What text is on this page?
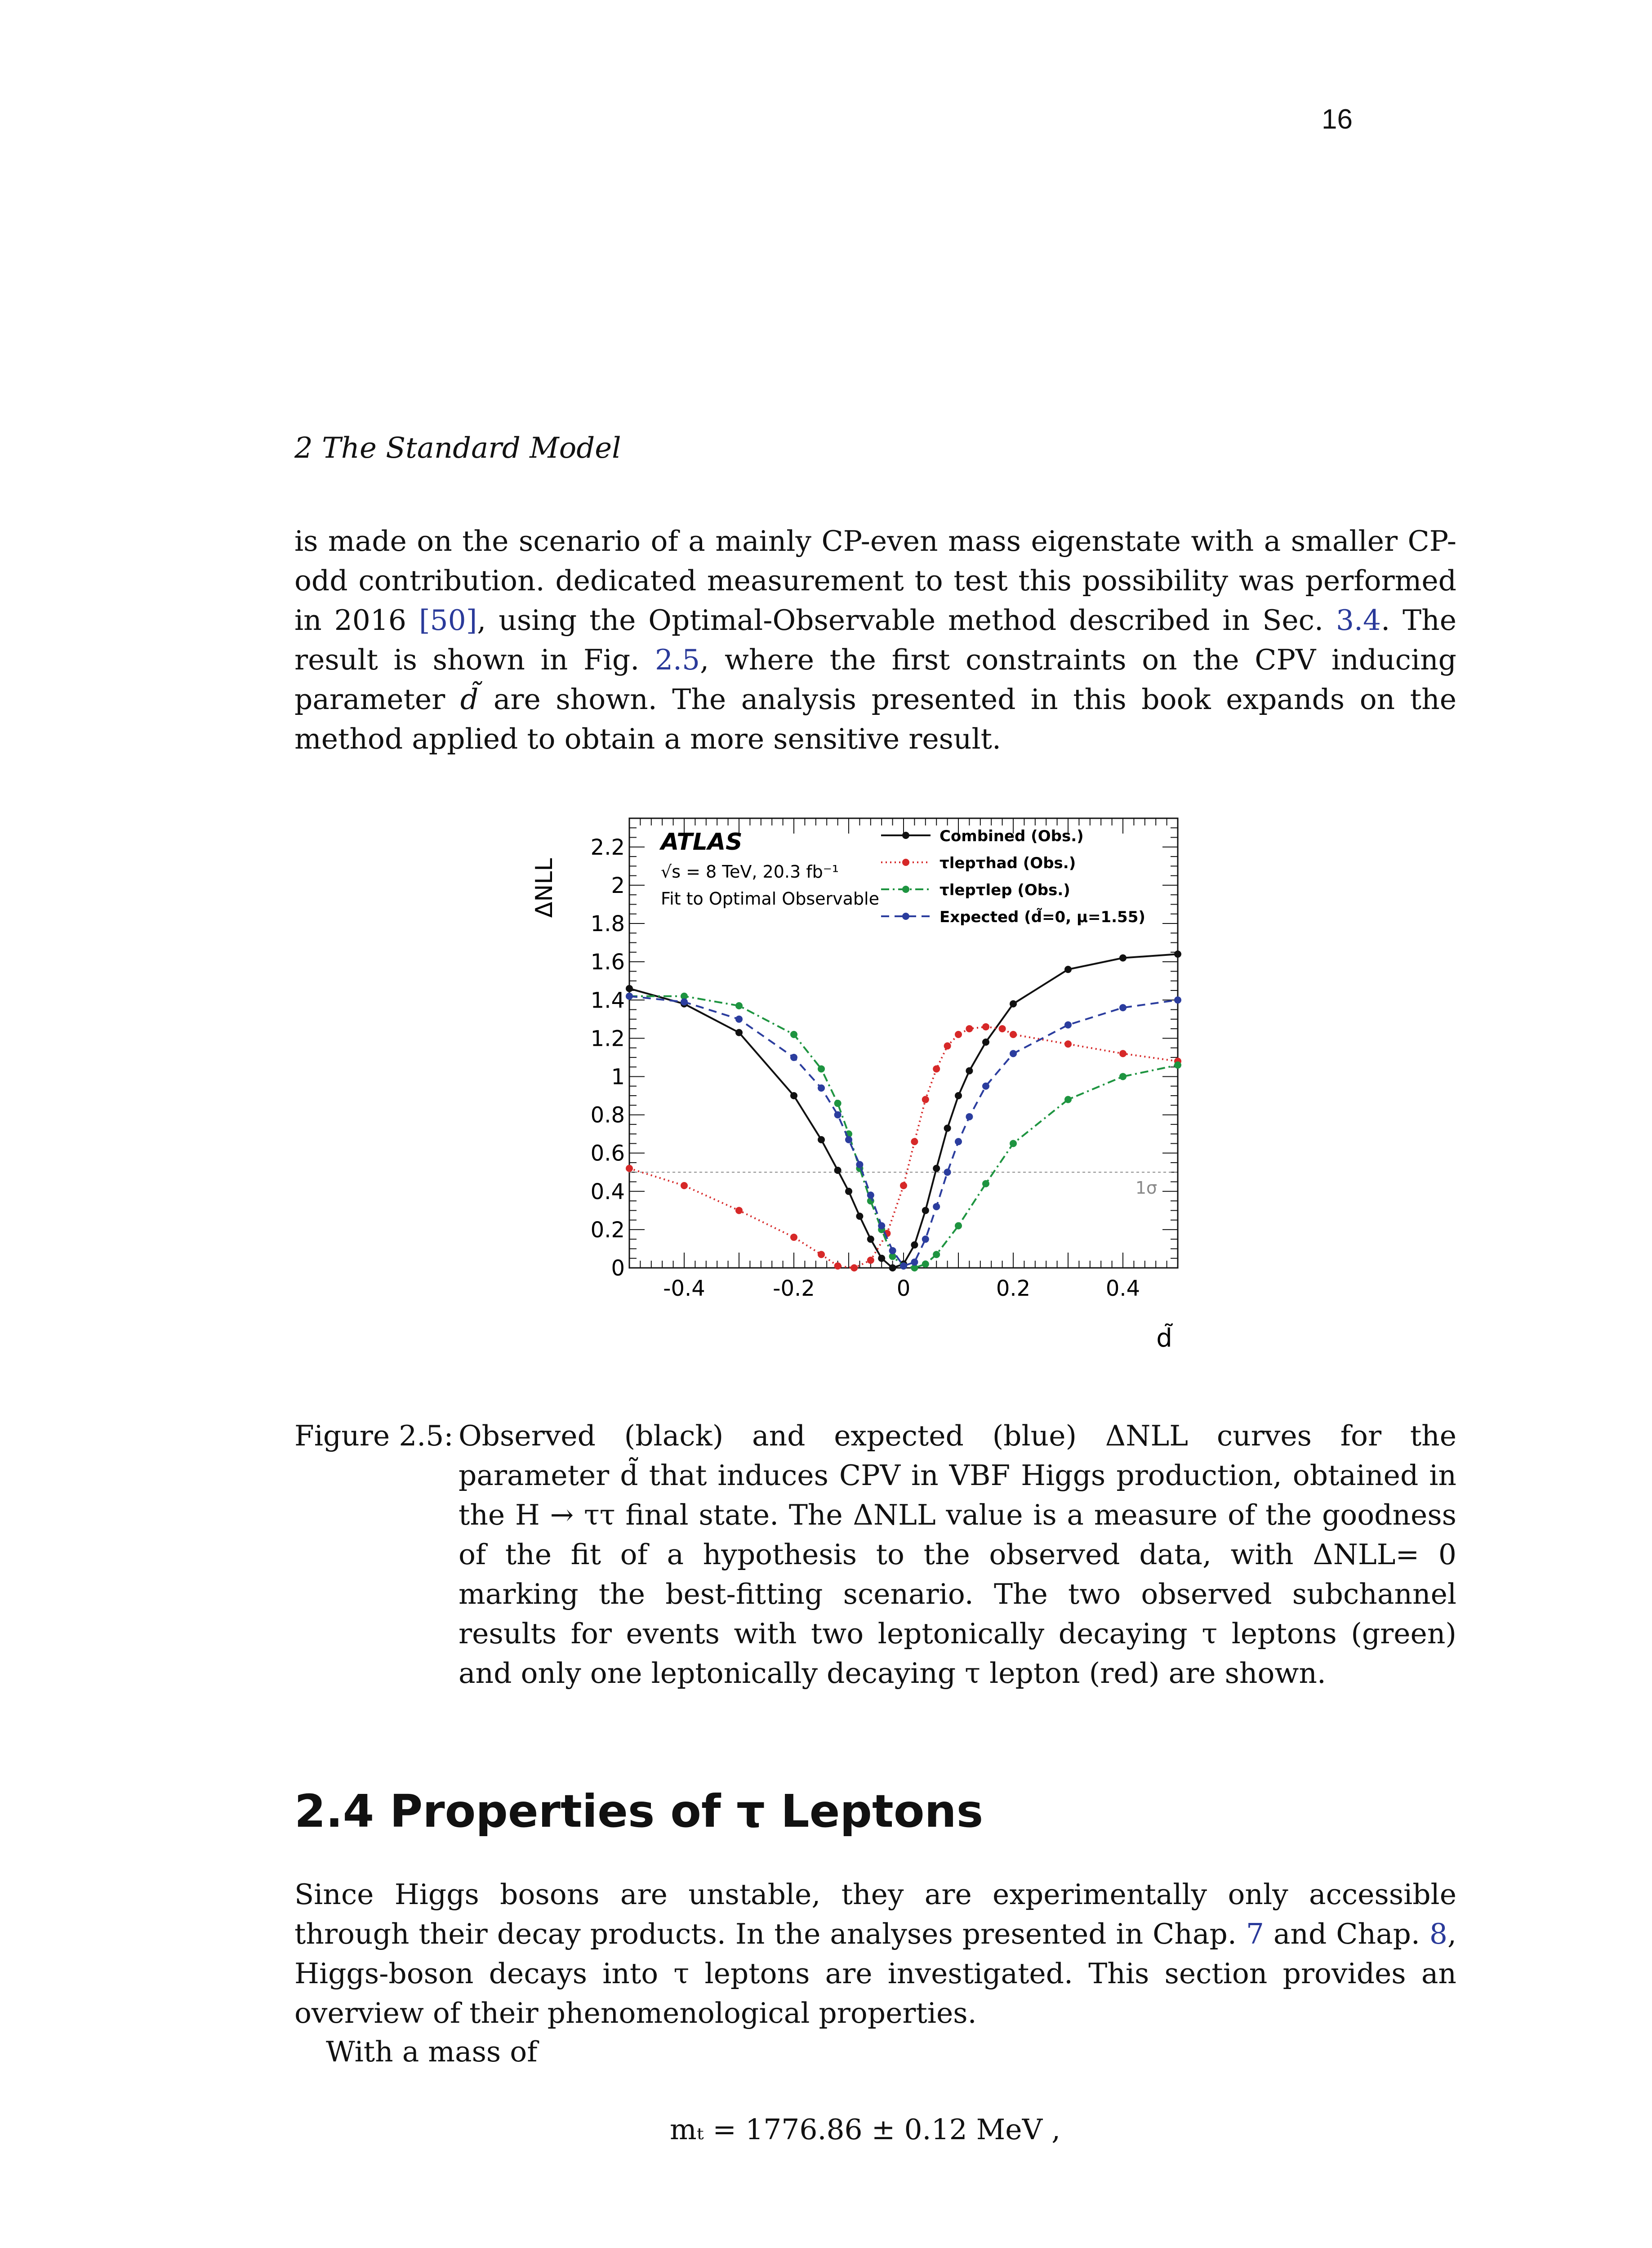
16
2 The Standard Model

is made on the scenario of a mainly CP-even mass eigenstate with a smaller CP-odd contribution. dedicated measurement to test this possibility was performed in 2016 [50], using the Optimal-Observable method described in Sec. 3.4. The result is shown in Fig. 2.5, where the first constraints on the CPV inducing parameter d̃ are shown. The analysis presented in this book expands on the method applied to obtain a more sensitive result.

ΔNLL
d̃
-0.4	-0.2	0	0.2	0.4
0
0.2
0.4
0.6
0.8
1
1.2
1.4
1.6
1.8
2
2.2
1σ
Combined (Obs.)
τlepτhad (Obs.)
τlepτlep (Obs.)
Expected (d̃=0, μ=1.55)
ATLAS
√s = 8 TeV, 20.3 fb⁻¹
Fit to Optimal Observable
Figure 2.5: Observed (black) and expected (blue) ΔNLL curves for the parameter d̃ that induces CPV in VBF Higgs production, obtained in the H → ττ final state. The ΔNLL value is a measure of the goodness of the fit of a hypothesis to the observed data, with ΔNLL= 0 marking the best-fitting scenario. The two observed subchannel results for events with two leptonically decaying τ leptons (green) and only one leptonically decaying τ lepton (red) are shown.
2.4 Properties of τ Leptons

Since Higgs bosons are unstable, they are experimentally only accessible through their decay products. In the analyses presented in Chap. 7 and Chap. 8, Higgs-boson decays into τ leptons are investigated. This section provides an overview of their phenomenological properties.

With a mass of
mₜ = 1776.86 ± 0.12 MeV ,
